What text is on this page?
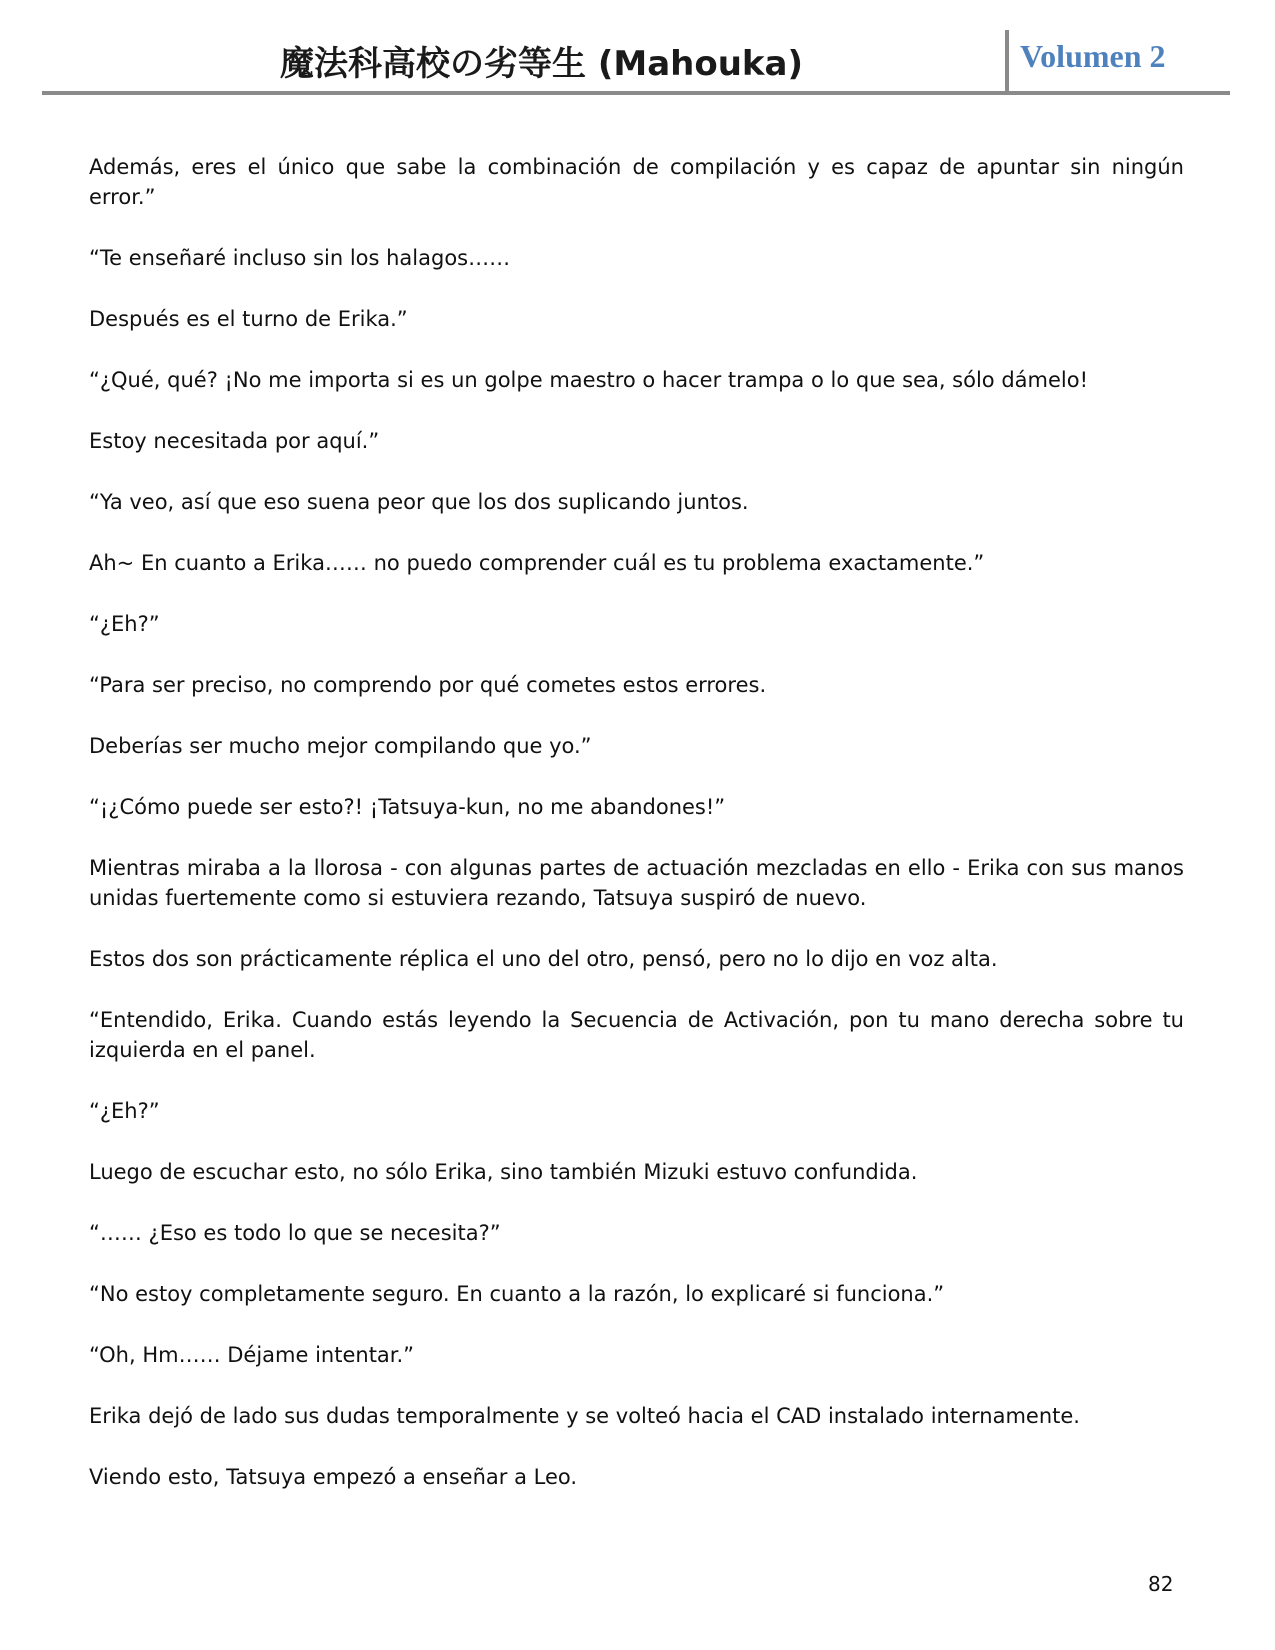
魔法科高校の劣等生 (Mahouka)	Volumen 2

Además, eres el único que sabe la combinación de compilación y es capaz de apuntar sin ningún error.”

“Te enseñaré incluso sin los halagos……

Después es el turno de Erika.”

“¿Qué, qué? ¡No me importa si es un golpe maestro o hacer trampa o lo que sea, sólo dámelo!

Estoy necesitada por aquí.”

“Ya veo, así que eso suena peor que los dos suplicando juntos.

Ah~ En cuanto a Erika…… no puedo comprender cuál es tu problema exactamente.”

“¿Eh?”

“Para ser preciso, no comprendo por qué cometes estos errores.

Deberías ser mucho mejor compilando que yo.”

“¡¿Cómo puede ser esto?! ¡Tatsuya-kun, no me abandones!”

Mientras miraba a la llorosa - con algunas partes de actuación mezcladas en ello - Erika con sus manos unidas fuertemente como si estuviera rezando, Tatsuya suspiró de nuevo.

Estos dos son prácticamente réplica el uno del otro, pensó, pero no lo dijo en voz alta.

“Entendido, Erika. Cuando estás leyendo la Secuencia de Activación, pon tu mano derecha sobre tu izquierda en el panel.

“¿Eh?”

Luego de escuchar esto, no sólo Erika, sino también Mizuki estuvo confundida.

“…… ¿Eso es todo lo que se necesita?”

“No estoy completamente seguro. En cuanto a la razón, lo explicaré si funciona.”

“Oh, Hm…… Déjame intentar.”

Erika dejó de lado sus dudas temporalmente y se volteó hacia el CAD instalado internamente.

Viendo esto, Tatsuya empezó a enseñar a Leo.

82
